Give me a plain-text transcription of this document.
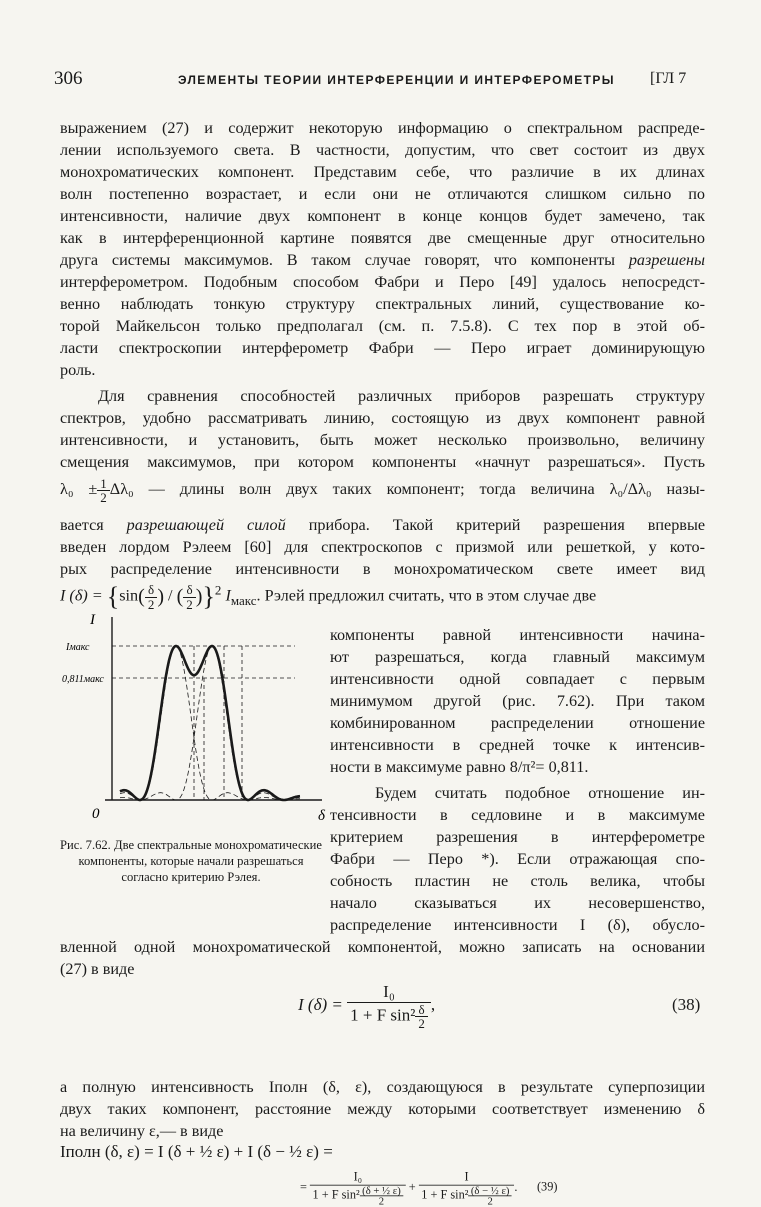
306	ЭЛЕМЕНТЫ ТЕОРИИ ИНТЕРФЕРЕНЦИИ И ИНТЕРФЕРОМЕТРЫ [ГЛ 7
выражением (27) и содержит некоторую информацию о спектральном распреде-
лении используемого света. В частности, допустим, что свет состоит из двух
монохроматических компонент. Представим себе, что различие в их длинах
волн постепенно возрастает, и если они не отличаются слишком сильно по
интенсивности, наличие двух компонент в конце концов будет замечено, так
как в интерференционной картине появятся две смещенные друг относительно
друга системы максимумов. В таком случае говорят, что компоненты разрешены
интерферометром. Подобным способом Фабри и Перо [49] удалось непосредст-
венно наблюдать тонкую структуру спектральных линий, существование ко-
торой Майкельсон только предполагал (см. п. 7.5.8). С тех пор в этой об-
ласти спектроскопии интерферометр Фабри — Перо играет доминирующую
роль.
Для сравнения способностей различных приборов разрешать структуру
спектров, удобно рассматривать линию, состоящую из двух компонент равной
интенсивности, и установить, быть может несколько произвольно, величину
смещения максимумов, при котором компоненты «начнут разрешаться». Пусть
$\lambda_0 \pm \frac{1}{2} \Delta\lambda_0$ — длины волн двух таких компонент; тогда величина λ₀/Δλ₀ назы-
вается разрешающей силой прибора. Такой критерий разрешения впервые
введен лордом Рэлеем [60] для спектроскопов с призмой или решеткой, у кото-
рых распределение интенсивности в монохроматическом свете имеет вид
I $(\delta) = \{\sin( \frac{\delta}{2}$ ) / ( $\frac{\delta}{2} )\}^2$ $I_{макс}$. Рэлей предложил считать, что в этом случае две
компоненты равной интенсивности начина-
ют разрешаться, когда главный максимум
интенсивности одной совпадает с первым
минимумом другой (рис. 7.62). При таком
комбинированном распределении отношение
интенсивности в средней точке к интенсив-
ности в максимуме равно 8/π²= 0,811.
Будем считать подобное отношение ин-
тенсивности в седловине и в максимуме
критерием разрешения в интерферометре
Фабри — Перо *). Если отражающая спо-
собность пластин не столь велика, чтобы
начало сказываться их несовершенство,
распределение интенсивности I (δ), обусло-
I
Iмакс
0,811макс
0	δ
Рис. 7.62. Две спектральные монохроматические компоненты, которые начали разрешаться согласно критерию Рэлея.
вленной одной монохроматической компонентой, можно записать на основании
(27) в виде
I $(\delta) = \frac{\text{I₀}}{1 + F \sin^2 \frac{\delta}{2}}$ ,	(38)
а полную интенсивность Iполн (δ, ε), создающуюся в результате суперпозиции
двух таких компонент, расстояние между которыми соответствует изменению δ
на величину ε,— в виде
Iполн (δ, ε) = I (δ + ½ ε) + I (δ − ½ ε) =
= $\frac{\text{I₀}}{1 + F \sin^2 \frac{\text{(δ + ½ ε)}}{2}} + \frac{I}{1 + F \sin^2 \frac{\text{(δ − ½ ε)}}{2}}$ . (39)
